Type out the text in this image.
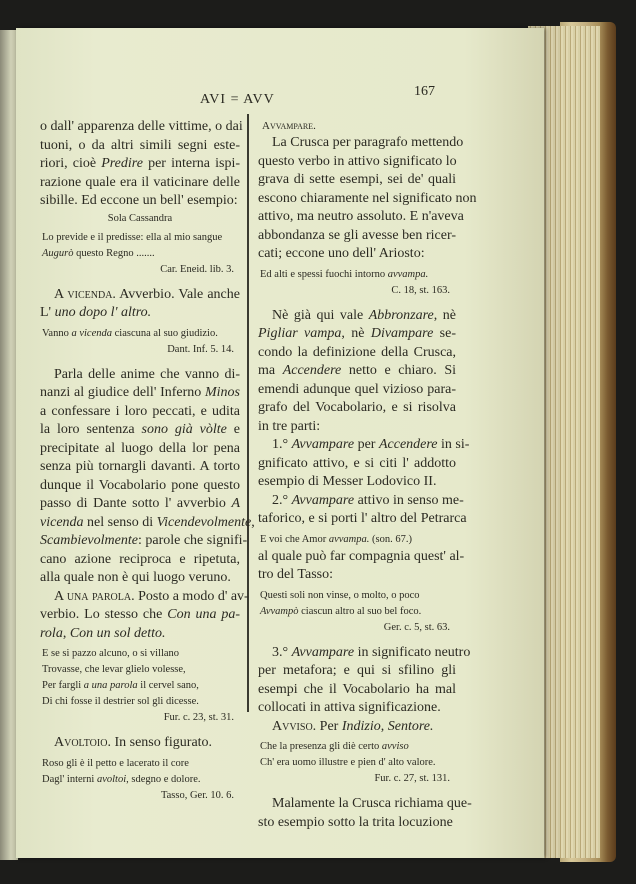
AVI = AVV
167
o dall' apparenza delle vittime, o dai
tuoni, o da altri simili segni este-
riori, cioè Predire per interna ispi-
razione quale era il vaticinare delle
sibille. Ed eccone un bell' esempio:
Sola Cassandra
Lo previde e il predisse: ella al mio sangue
Augurò questo Regno .......
Car. Eneid. lib. 3.
A vicenda. Avverbio. Vale anche
L' uno dopo l' altro.
Vanno a vicenda ciascuna al suo giudizio.
Dant. Inf. 5. 14.
Parla delle anime che vanno di-
nanzi al giudice dell' Inferno Minos
a confessare i loro peccati, e udita
la loro sentenza sono già vòlte e
precipitate al luogo della lor pena
senza più tornargli davanti. A torto
dunque il Vocabolario pone questo
passo di Dante sotto l' avverbio A
vicenda nel senso di Vicendevolmente,
Scambievolmente: parole che signifi-
cano azione reciproca e ripetuta,
alla quale non è qui luogo veruno.
A una parola. Posto a modo d' av-
verbio. Lo stesso che Con una pa-
rola, Con un sol detto.
E se si pazzo alcuno, o si villano
Trovasse, che levar glielo volesse,
Per fargli a una parola il cervel sano,
Di chi fosse il destrier sol gli dicesse.
Fur. c. 23, st. 31.
Avoltoio. In senso figurato.
Roso gli è il petto e lacerato il core
Dagl' interni avoltoi, sdegno e dolore.
Tasso, Ger. 10. 6.
Avvampare.
La Crusca per paragrafo mettendo
questo verbo in attivo significato lo
grava di sette esempi, sei de' quali
escono chiaramente nel significato non
attivo, ma neutro assoluto. E n'aveva
abbondanza se gli avesse ben ricer-
cati; eccone uno dell' Ariosto:
Ed alti e spessi fuochi intorno avvampa.
C. 18, st. 163.
Nè già qui vale Abbronzare, nè
Pigliar vampa, nè Divampare se-
condo la definizione della Crusca,
ma Accendere netto e chiaro. Si
emendi adunque quel vizioso para-
grafo del Vocabolario, e si risolva
in tre parti:
1.° Avvampare per Accendere in si-
gnificato attivo, e si citi l' addotto
esempio di Messer Lodovico II.
2.° Avvampare attivo in senso me-
taforico, e si porti l' altro del Petrarca
E voi che Amor avvampa. (son. 67.)
al quale può far compagnia quest' al-
tro del Tasso:
Questi soli non vinse, o molto, o poco
Avvampò ciascun altro al suo bel foco.
Ger. c. 5, st. 63.
3.° Avvampare in significato neutro
per metafora; e qui si sfilino gli
esempi che il Vocabolario ha mal
collocati in attiva significazione.
Avviso. Per Indizio, Sentore.
Che la presenza gli diè certo avviso
Ch' era uomo illustre e pien d' alto valore.
Fur. c. 27, st. 131.
Malamente la Crusca richiama que-
sto esempio sotto la trita locuzione
